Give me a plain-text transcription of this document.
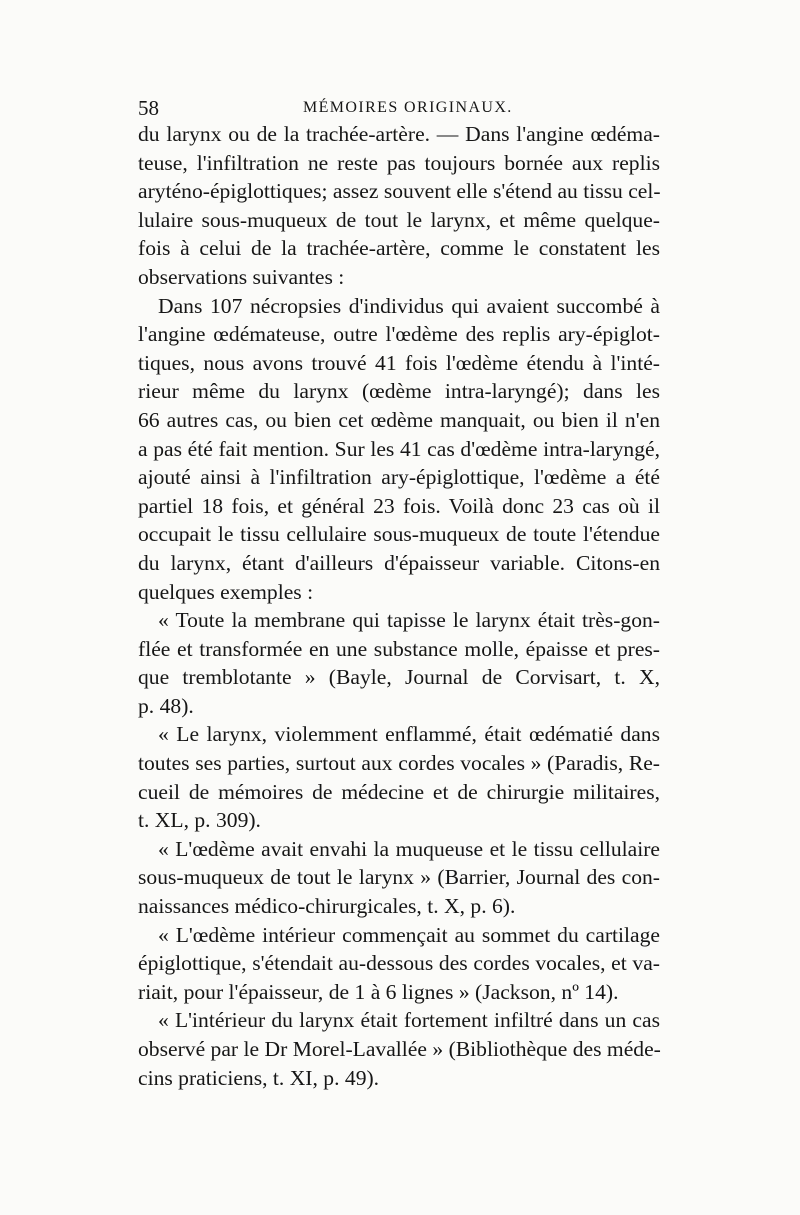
58	MÉMOIRES ORIGINAUX.
du larynx ou de la trachée-artère. — Dans l'angine œdéma-
teuse, l'infiltration ne reste pas toujours bornée aux replis
aryténo-épiglottiques; assez souvent elle s'étend au tissu cel-
lulaire sous-muqueux de tout le larynx, et même quelque-
fois à celui de la trachée-artère, comme le constatent les
observations suivantes :
Dans 107 nécropsies d'individus qui avaient succombé à
l'angine œdémateuse, outre l'œdème des replis ary-épiglot-
tiques, nous avons trouvé 41 fois l'œdème étendu à l'inté-
rieur même du larynx (œdème intra-laryngé); dans les
66 autres cas, ou bien cet œdème manquait, ou bien il n'en
a pas été fait mention. Sur les 41 cas d'œdème intra-laryngé,
ajouté ainsi à l'infiltration ary-épiglottique, l'œdème a été
partiel 18 fois, et général 23 fois. Voilà donc 23 cas où il
occupait le tissu cellulaire sous-muqueux de toute l'étendue
du larynx, étant d'ailleurs d'épaisseur variable. Citons-en
quelques exemples :
« Toute la membrane qui tapisse le larynx était très-gon-
flée et transformée en une substance molle, épaisse et pres-
que tremblotante » (Bayle, Journal de Corvisart, t. X,
p. 48).
« Le larynx, violemment enflammé, était œdématié dans
toutes ses parties, surtout aux cordes vocales » (Paradis, Re-
cueil de mémoires de médecine et de chirurgie militaires,
t. XL, p. 309).
« L'œdème avait envahi la muqueuse et le tissu cellulaire
sous-muqueux de tout le larynx » (Barrier, Journal des con-
naissances médico-chirurgicales, t. X, p. 6).
« L'œdème intérieur commençait au sommet du cartilage
épiglottique, s'étendait au-dessous des cordes vocales, et va-
riait, pour l'épaisseur, de 1 à 6 lignes » (Jackson, nº 14).
« L'intérieur du larynx était fortement infiltré dans un cas
observé par le Dr Morel-Lavallée » (Bibliothèque des méde-
cins praticiens, t. XI, p. 49).
